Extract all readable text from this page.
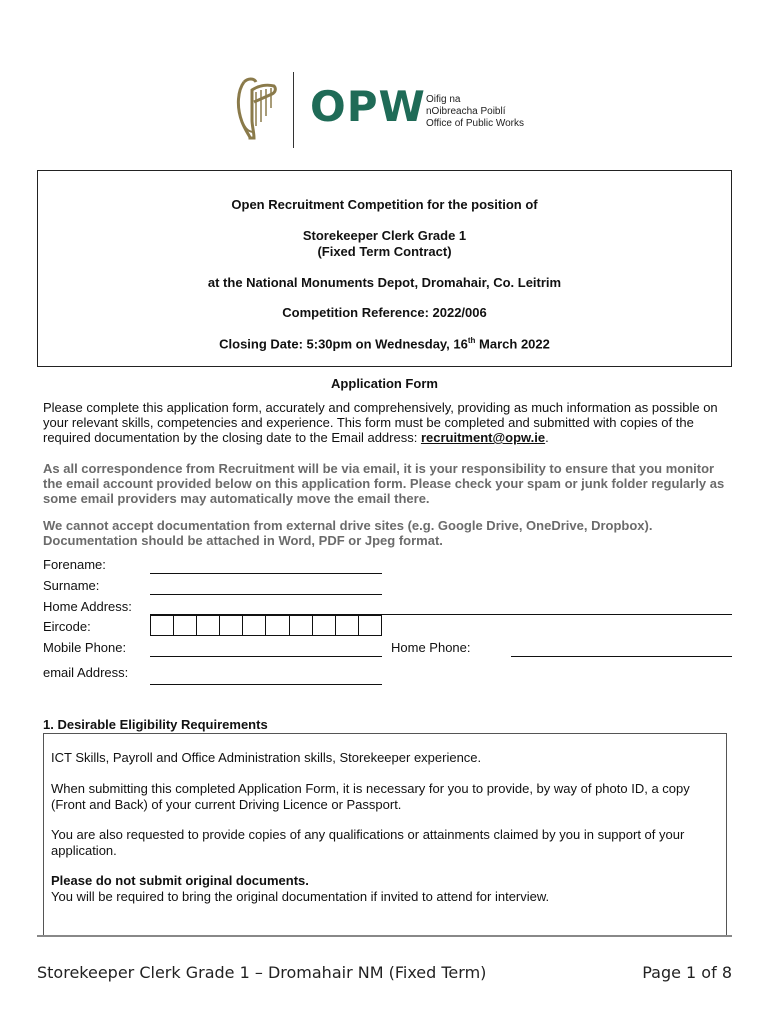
OPW Oifig na
nOibreacha Poiblí
Office of Public Works
Open Recruitment Competition for the position of
Storekeeper Clerk Grade 1
(Fixed Term Contract)
at the National Monuments Depot, Dromahair, Co. Leitrim
Competition Reference: 2022/006
Closing Date: 5:30pm on Wednesday, 16th March 2022
Application Form
Please complete this application form, accurately and comprehensively, providing as much information as possible on your relevant skills, competencies and experience. This form must be completed and submitted with copies of the required documentation by the closing date to the Email address: recruitment@opw.ie.
As all correspondence from Recruitment will be via email, it is your responsibility to ensure that you monitor the email account provided below on this application form. Please check your spam or junk folder regularly as some email providers may automatically move the email there.
We cannot accept documentation from external drive sites (e.g. Google Drive, OneDrive, Dropbox). Documentation should be attached in Word, PDF or Jpeg format.
Forename:
Surname:
Home Address:
Eircode:
Mobile Phone:	Home Phone:
email Address:
1. Desirable Eligibility Requirements
ICT Skills, Payroll and Office Administration skills, Storekeeper experience.
When submitting this completed Application Form, it is necessary for you to provide, by way of photo ID, a copy (Front and Back) of your current Driving Licence or Passport.
You are also requested to provide copies of any qualifications or attainments claimed by you in support of your application.
Please do not submit original documents.
You will be required to bring the original documentation if invited to attend for interview.
Storekeeper Clerk Grade 1 – Dromahair NM (Fixed Term)	Page 1 of 8
